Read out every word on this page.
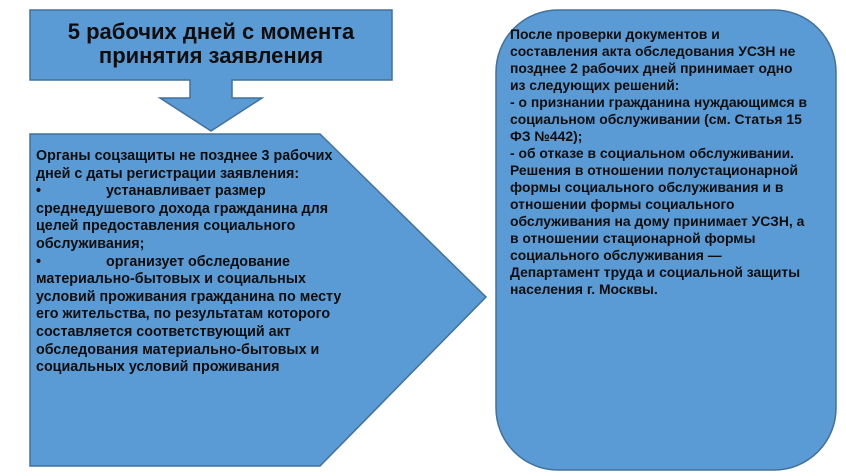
5 рабочих дней с момента
принятия заявления

Органы соцзащиты не позднее 3 рабочих дней с даты регистрации заявления:

•	устанавливает размер среднедушевого дохода гражданина для целей предоставления социального обслуживания;

•	организует обследование материально-бытовых и социальных условий проживания гражданина по месту его жительства, по результатам которого составляется соответствующий акт обследования материально-бытовых и социальных условий проживания

После проверки документов и составления акта обследования УСЗН не позднее 2 рабочих дней принимает одно из следующих решений:

- о признании гражданина нуждающимся в социальном обслуживании (см. Статья 15 ФЗ №442);

- об отказе в социальном обслуживании.

Решения в отношении полустационарной формы социального обслуживания и в отношении формы социального обслуживания на дому принимает УСЗН, а в отношении стационарной формы социального обслуживания — Департамент труда и социальной защиты населения г. Москвы.
